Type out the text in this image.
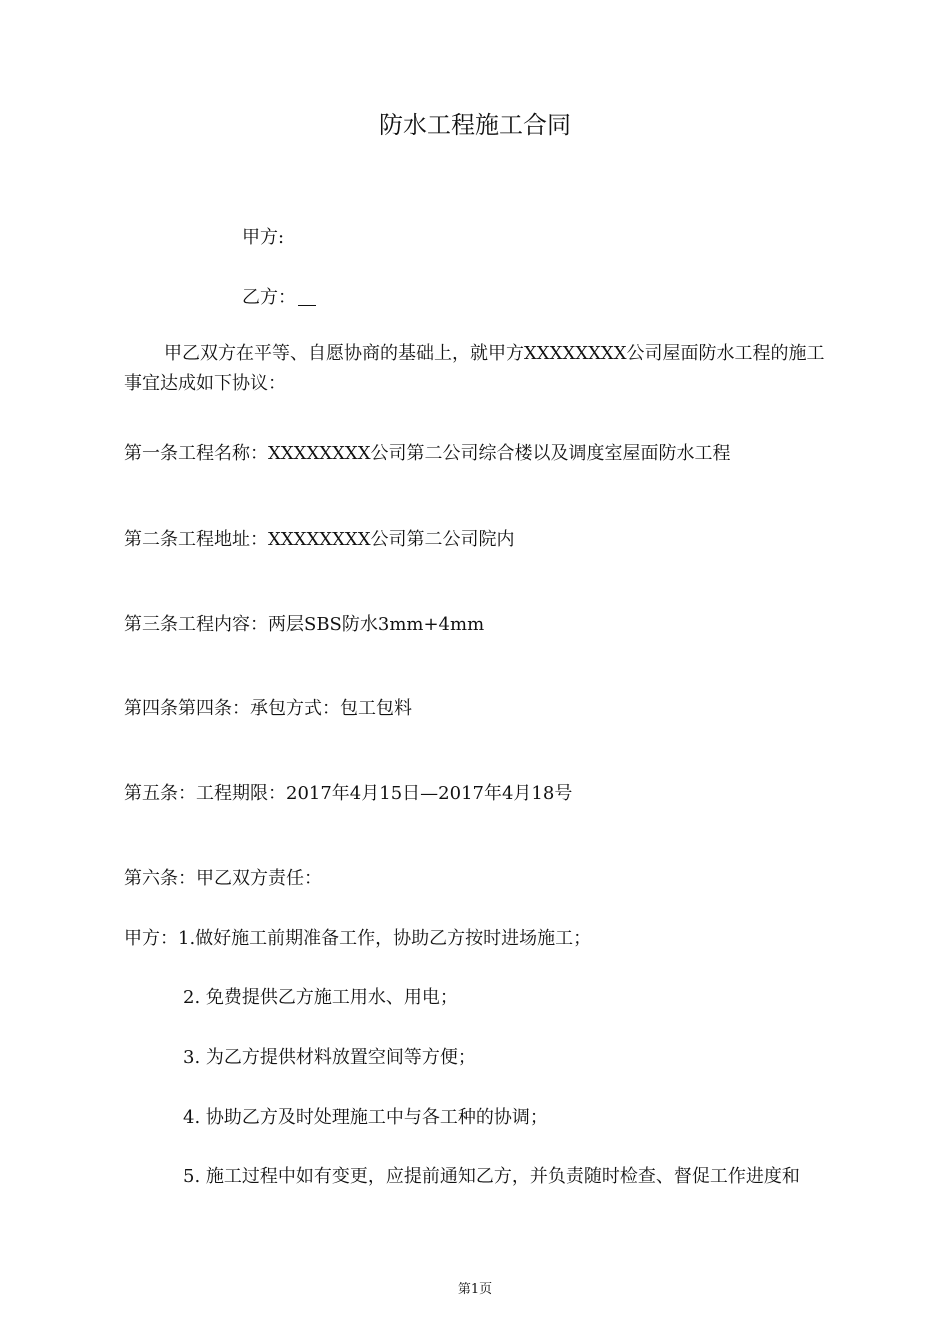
防水工程施工合同
甲方:
乙方：
甲乙双方在平等、自愿协商的基础上，就甲方XXXXXXXX公司屋面防水工程的施工
事宜达成如下协议：
第一条工程名称：XXXXXXXX公司第二公司综合楼以及调度室屋面防水工程
第二条工程地址：XXXXXXXX公司第二公司院内
第三条工程内容：两层SBS防水3mm+4mm
第四条第四条：承包方式：包工包料
第五条：工程期限：2017年4月15日—2017年4月18号
第六条：甲乙双方责任：
甲方：1.做好施工前期准备工作，协助乙方按时进场施工；
2. 免费提供乙方施工用水、用电；
3. 为乙方提供材料放置空间等方便；
4. 协助乙方及时处理施工中与各工种的协调；
5. 施工过程中如有变更，应提前通知乙方，并负责随时检查、督促工作进度和
第1页
